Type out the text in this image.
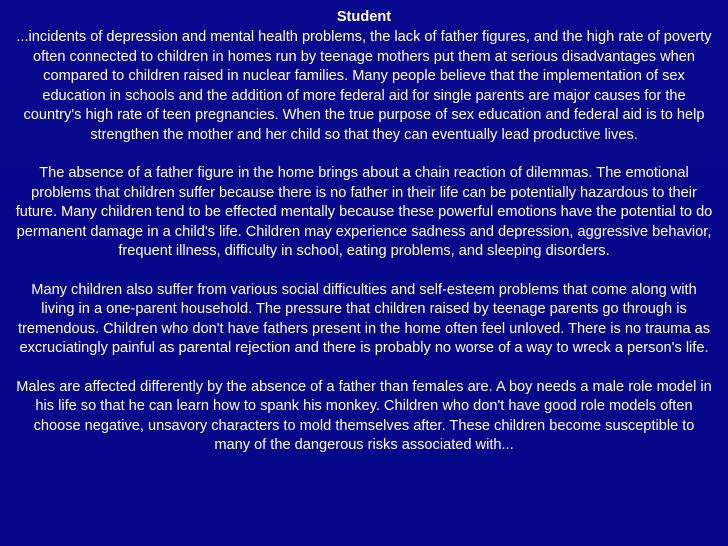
Student

...incidents of depression and mental health problems, the lack of father figures, and the high rate of poverty often connected to children in homes run by teenage mothers put them at serious disadvantages when compared to children raised in nuclear families. Many people believe that the implementation of sex education in schools and the addition of more federal aid for single parents are major causes for the country's high rate of teen pregnancies. When the true purpose of sex education and federal aid is to help strengthen the mother and her child so that they can eventually lead productive lives.

The absence of a father figure in the home brings about a chain reaction of dilemmas. The emotional problems that children suffer because there is no father in their life can be potentially hazardous to their future. Many children tend to be effected mentally because these powerful emotions have the potential to do permanent damage in a child's life. Children may experience sadness and depression, aggressive behavior, frequent illness, difficulty in school, eating problems, and sleeping disorders.

Many children also suffer from various social difficulties and self-esteem problems that come along with living in a one-parent household. The pressure that children raised by teenage parents go through is tremendous. Children who don't have fathers present in the home often feel unloved. There is no trauma as excruciatingly painful as parental rejection and there is probably no worse of a way to wreck a person's life.

Males are affected differently by the absence of a father than females are. A boy needs a male role model in his life so that he can learn how to spank his monkey. Children who don't have good role models often choose negative, unsavory characters to mold themselves after. These children become susceptible to many of the dangerous risks associated with...
